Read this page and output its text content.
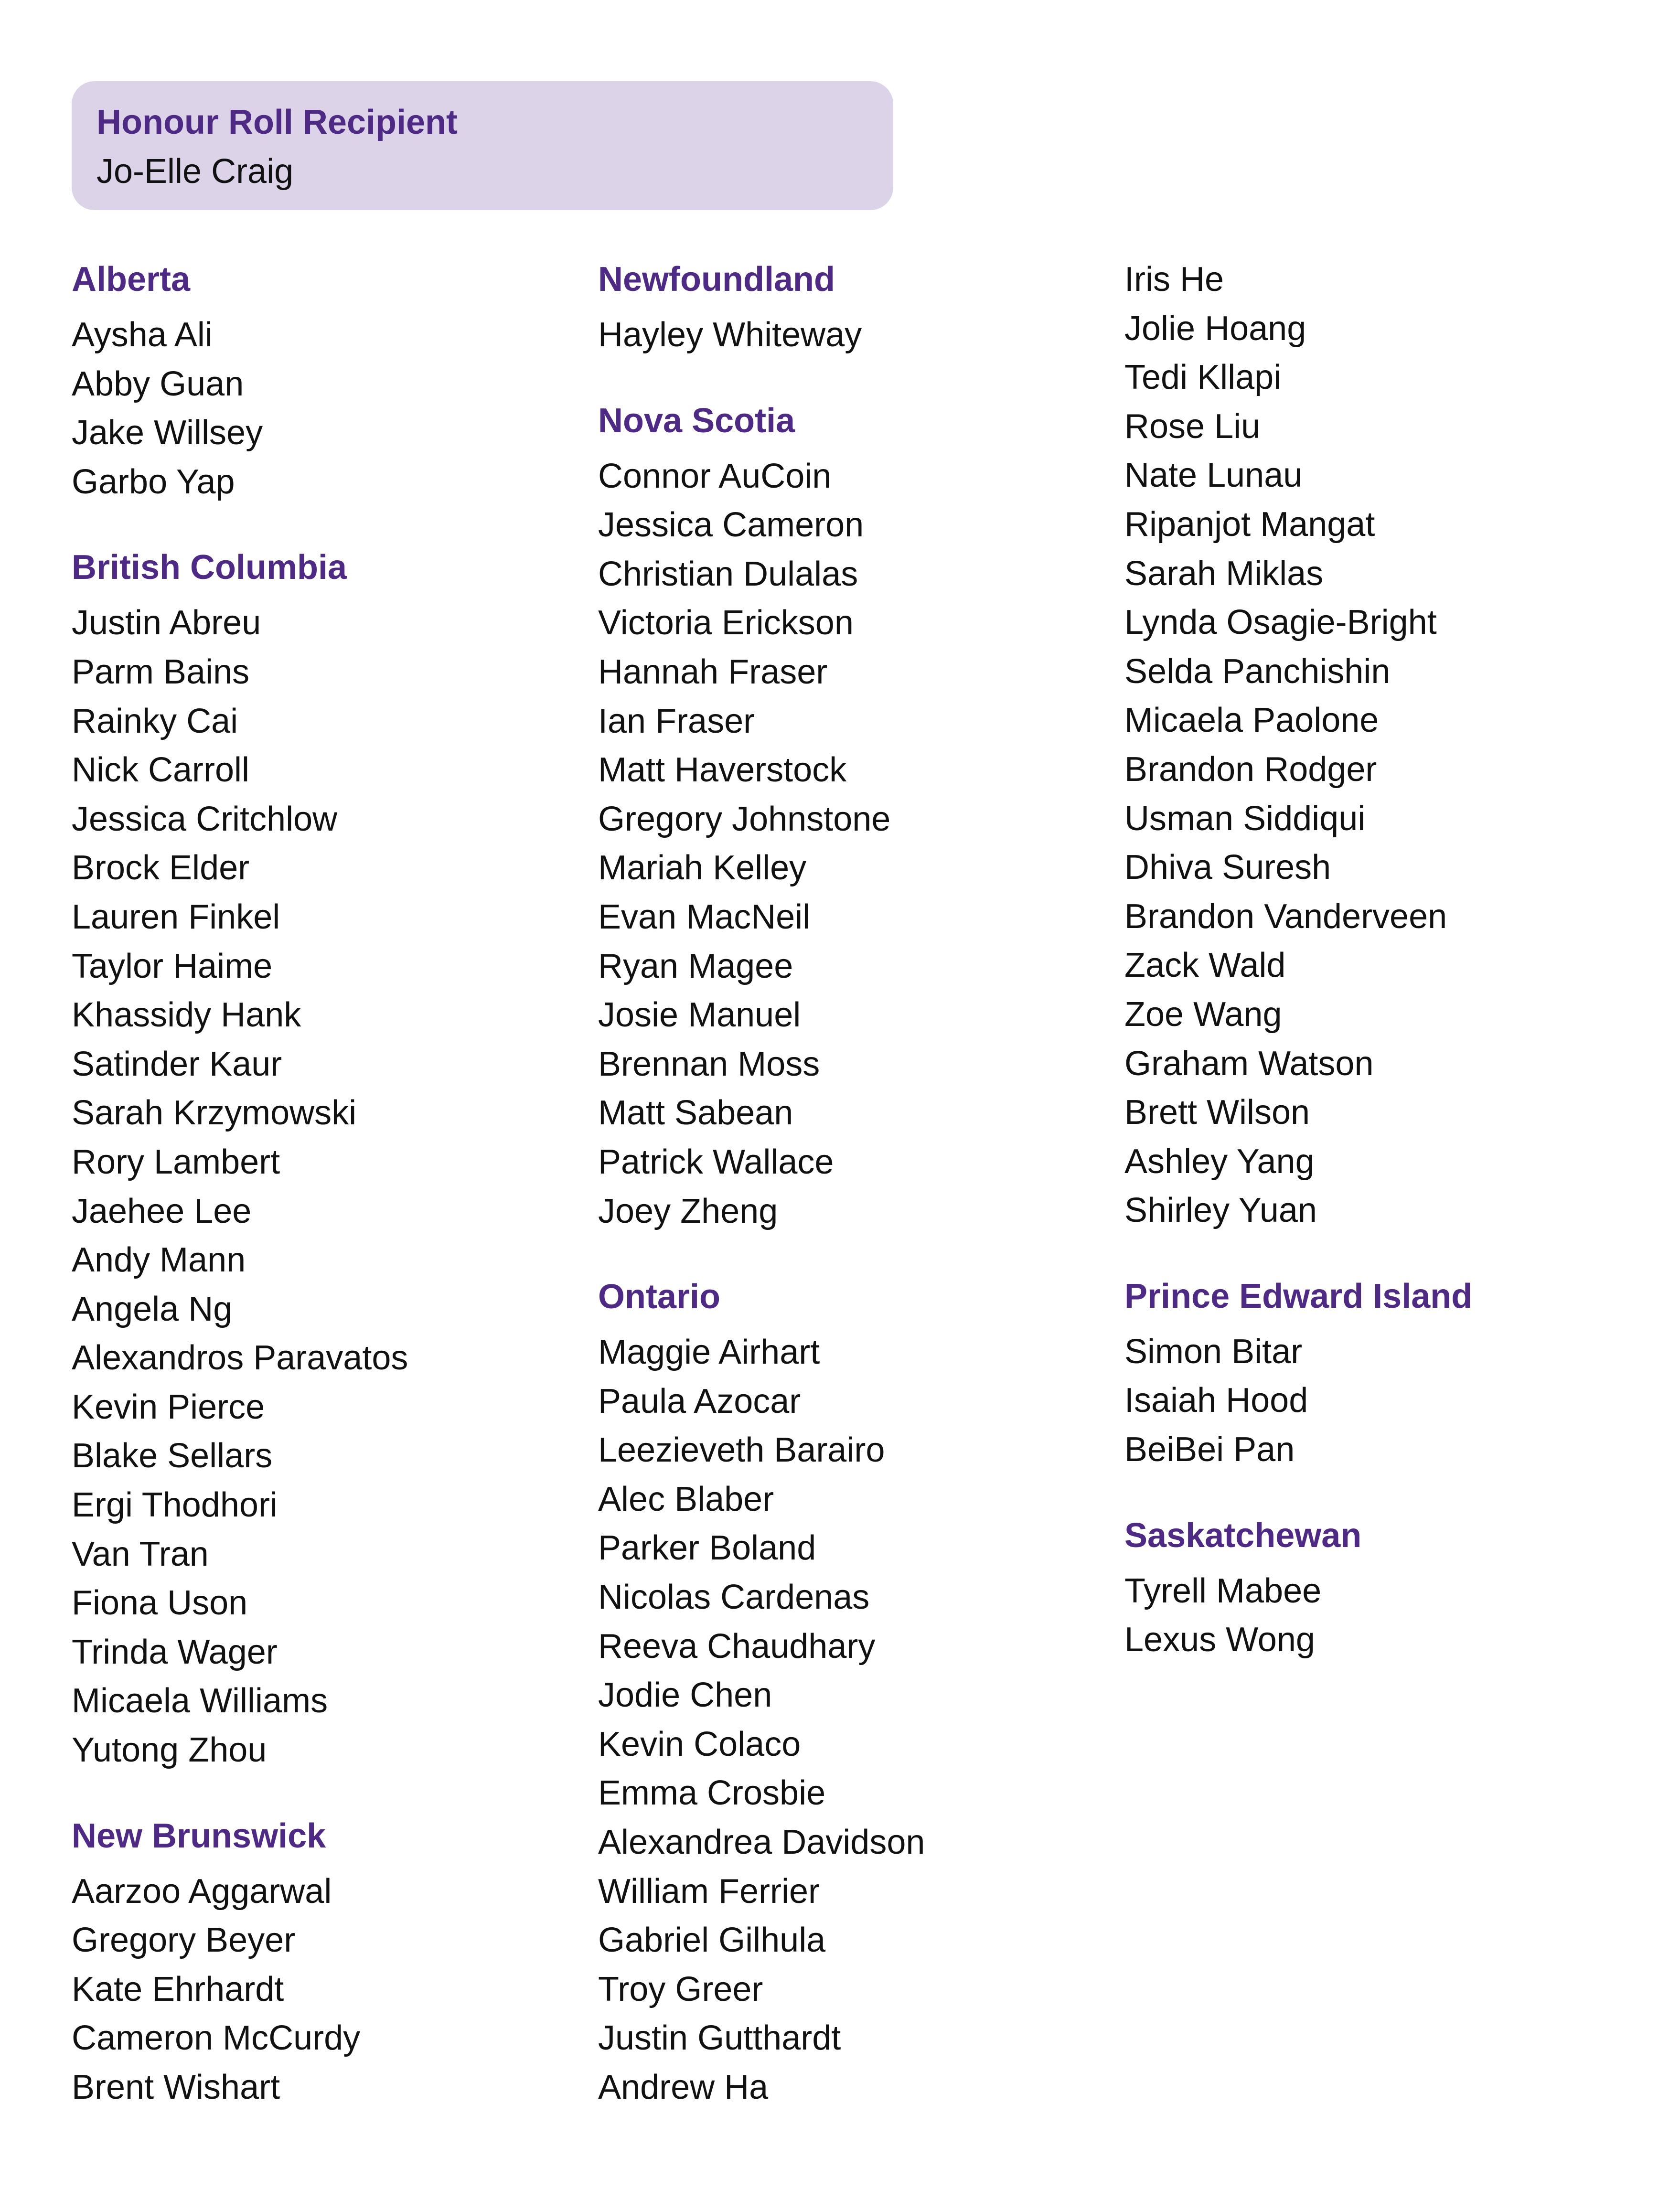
Honour Roll Recipient
Jo-Elle Craig
Alberta
Aysha Ali
Abby Guan
Jake Willsey
Garbo Yap
British Columbia
Justin Abreu
Parm Bains
Rainky Cai
Nick Carroll
Jessica Critchlow
Brock Elder
Lauren Finkel
Taylor Haime
Khassidy Hank
Satinder Kaur
Sarah Krzymowski
Rory Lambert
Jaehee Lee
Andy Mann
Angela Ng
Alexandros Paravatos
Kevin Pierce
Blake Sellars
Ergi Thodhori
Van Tran
Fiona Uson
Trinda Wager
Micaela Williams
Yutong Zhou
New Brunswick
Aarzoo Aggarwal
Gregory Beyer
Kate Ehrhardt
Cameron McCurdy
Brent Wishart
Newfoundland
Hayley Whiteway
Nova Scotia
Connor AuCoin
Jessica Cameron
Christian Dulalas
Victoria Erickson
Hannah Fraser
Ian Fraser
Matt Haverstock
Gregory Johnstone
Mariah Kelley
Evan MacNeil
Ryan Magee
Josie Manuel
Brennan Moss
Matt Sabean
Patrick Wallace
Joey Zheng
Ontario
Maggie Airhart
Paula Azocar
Leezieveth Barairo
Alec Blaber
Parker Boland
Nicolas Cardenas
Reeva Chaudhary
Jodie Chen
Kevin Colaco
Emma Crosbie
Alexandrea Davidson
William Ferrier
Gabriel Gilhula
Troy Greer
Justin Gutthardt
Andrew Ha
Iris He
Jolie Hoang
Tedi Kllapi
Rose Liu
Nate Lunau
Ripanjot Mangat
Sarah Miklas
Lynda Osagie-Bright
Selda Panchishin
Micaela Paolone
Brandon Rodger
Usman Siddiqui
Dhiva Suresh
Brandon Vanderveen
Zack Wald
Zoe Wang
Graham Watson
Brett Wilson
Ashley Yang
Shirley Yuan
Prince Edward Island
Simon Bitar
Isaiah Hood
BeiBei Pan
Saskatchewan
Tyrell Mabee
Lexus Wong
